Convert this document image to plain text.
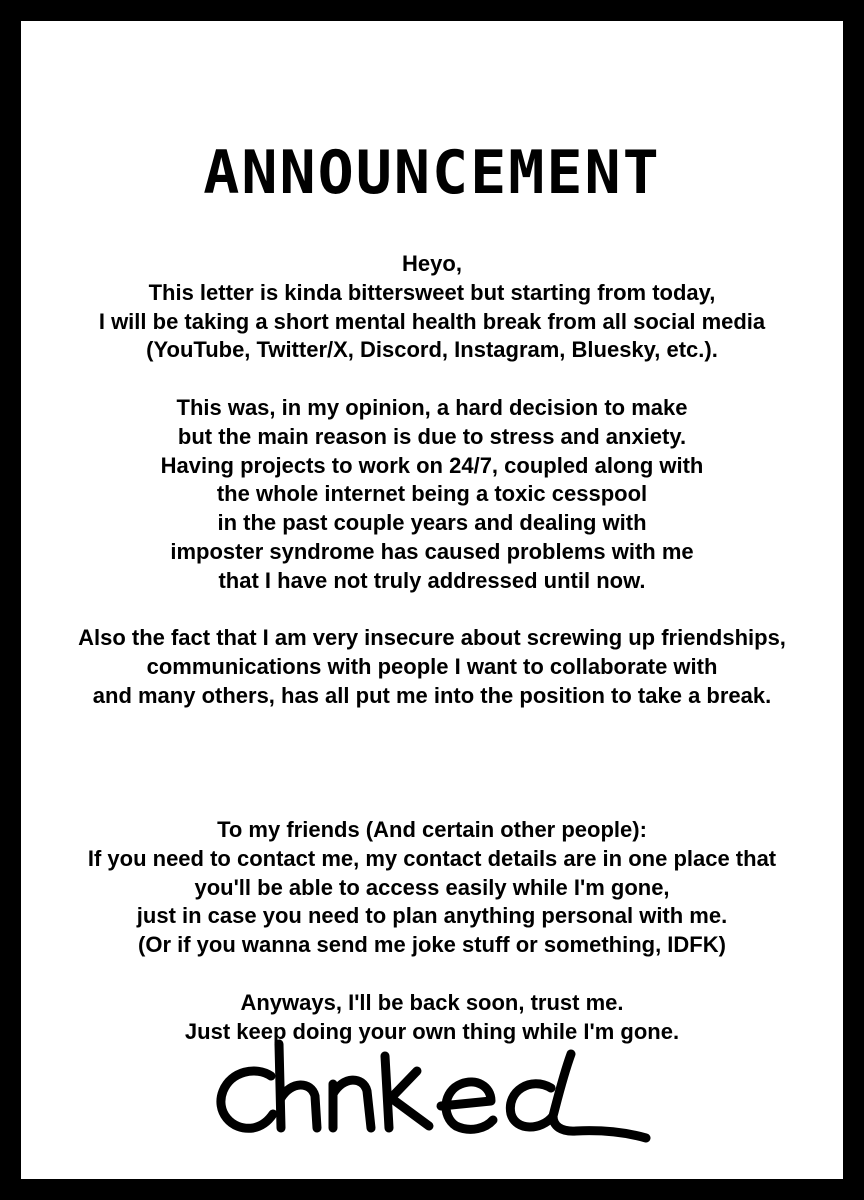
ANNOUNCEMENT

Heyo,
This letter is kinda bittersweet but starting from today,
I will be taking a short mental health break from all social media
(YouTube, Twitter/X, Discord, Instagram, Bluesky, etc.).

This was, in my opinion, a hard decision to make
but the main reason is due to stress and anxiety.
Having projects to work on 24/7, coupled along with
the whole internet being a toxic cesspool
in the past couple years and dealing with
imposter syndrome has caused problems with me
that I have not truly addressed until now.

Also the fact that I am very insecure about screwing up friendships,
communications with people I want to collaborate with
and many others, has all put me into the position to take a break.

To my friends (And certain other people):
If you need to contact me, my contact details are in one place that
you'll be able to access easily while I'm gone,
just in case you need to plan anything personal with me.
(Or if you wanna send me joke stuff or something, IDFK)

Anyways, I'll be back soon, trust me.
Just keep doing your own thing while I'm gone.
